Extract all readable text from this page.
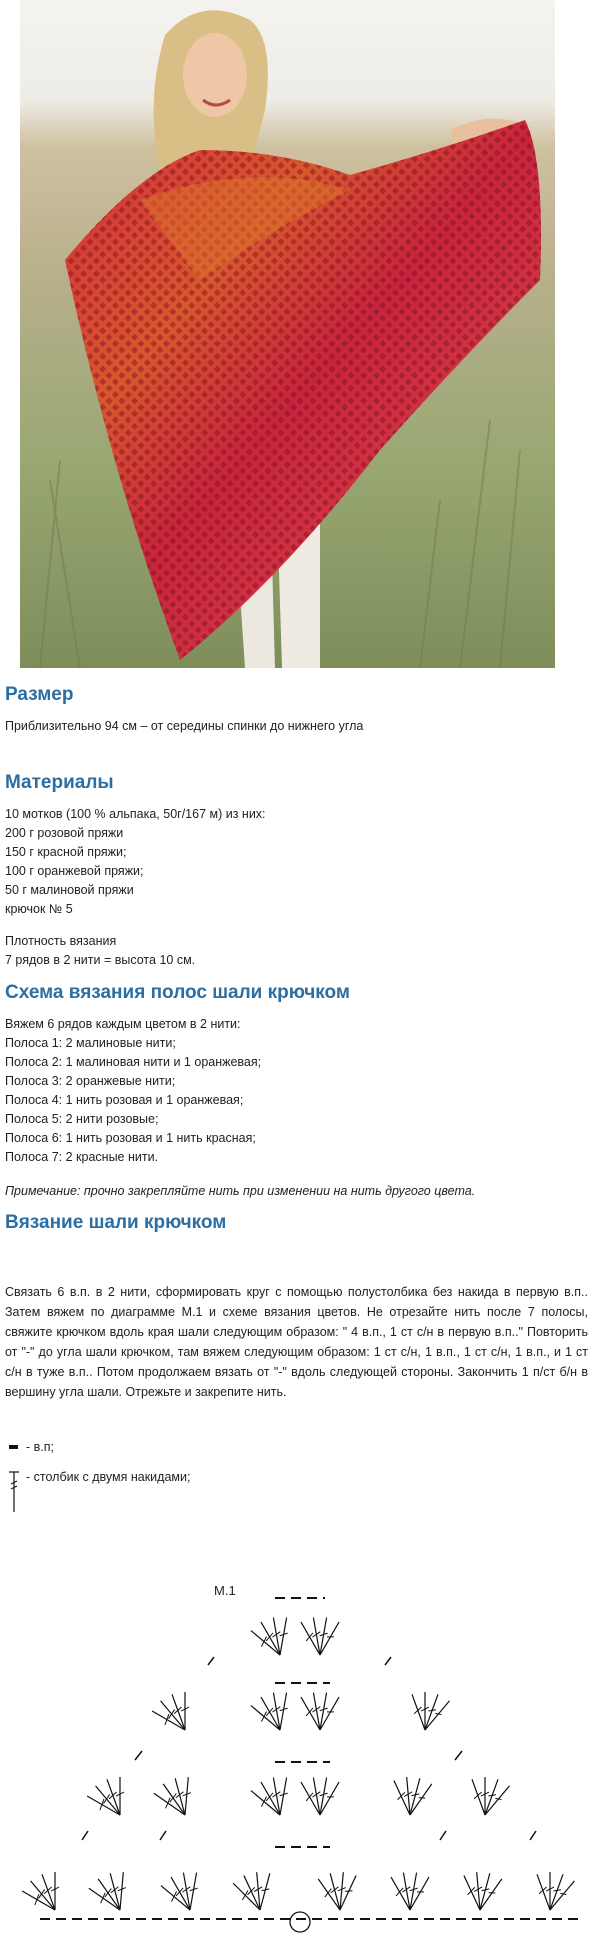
Размер

Приблизительно 94 см – от середины спинки до нижнего угла

Материалы
10 мотков (100 % альпака, 50г/167 м) из них:
200 г розовой пряжи
150 г красной пряжи;
100 г оранжевой пряжи;
50 г малиновой пряжи
крючок № 5
Плотность вязания
7 рядов в 2 нити = высота 10 см.
Схема вязания полос шали крючком
Вяжем 6 рядов каждым цветом в 2 нити:
Полоса 1: 2 малиновые нити;
Полоса 2: 1 малиновая нити и 1 оранжевая;
Полоса 3: 2 оранжевые нити;
Полоса 4: 1 нить розовая и 1 оранжевая;
Полоса 5: 2 нити розовые;
Полоса 6: 1 нить розовая и 1 нить красная;
Полоса 7: 2 красные нити.

Примечание: прочно закрепляйте нить при изменении на нить другого цвета.

Вязание шали крючком

Связать 6 в.п. в 2 нити, сформировать круг с помощью полустолбика без накида в первую в.п.. Затем вяжем по диаграмме М.1 и схеме вязания цветов. Не отрезайте нить после 7 полосы, свяжите крючком вдоль края шали следующим образом: " 4 в.п., 1 ст с/н в первую в.п.." Повторить от "-" до угла шали крючком, там вяжем следующим образом: 1 ст с/н, 1 в.п., 1 ст с/н, 1 в.п., и 1 ст с/н в туже в.п.. Потом продолжаем вязать от "-" вдоль следующей стороны. Закончить 1 п/ст б/н в вершину угла шали. Отрежьте и закрепите нить.

- в.п;
- столбик с двумя накидами;
М.1
